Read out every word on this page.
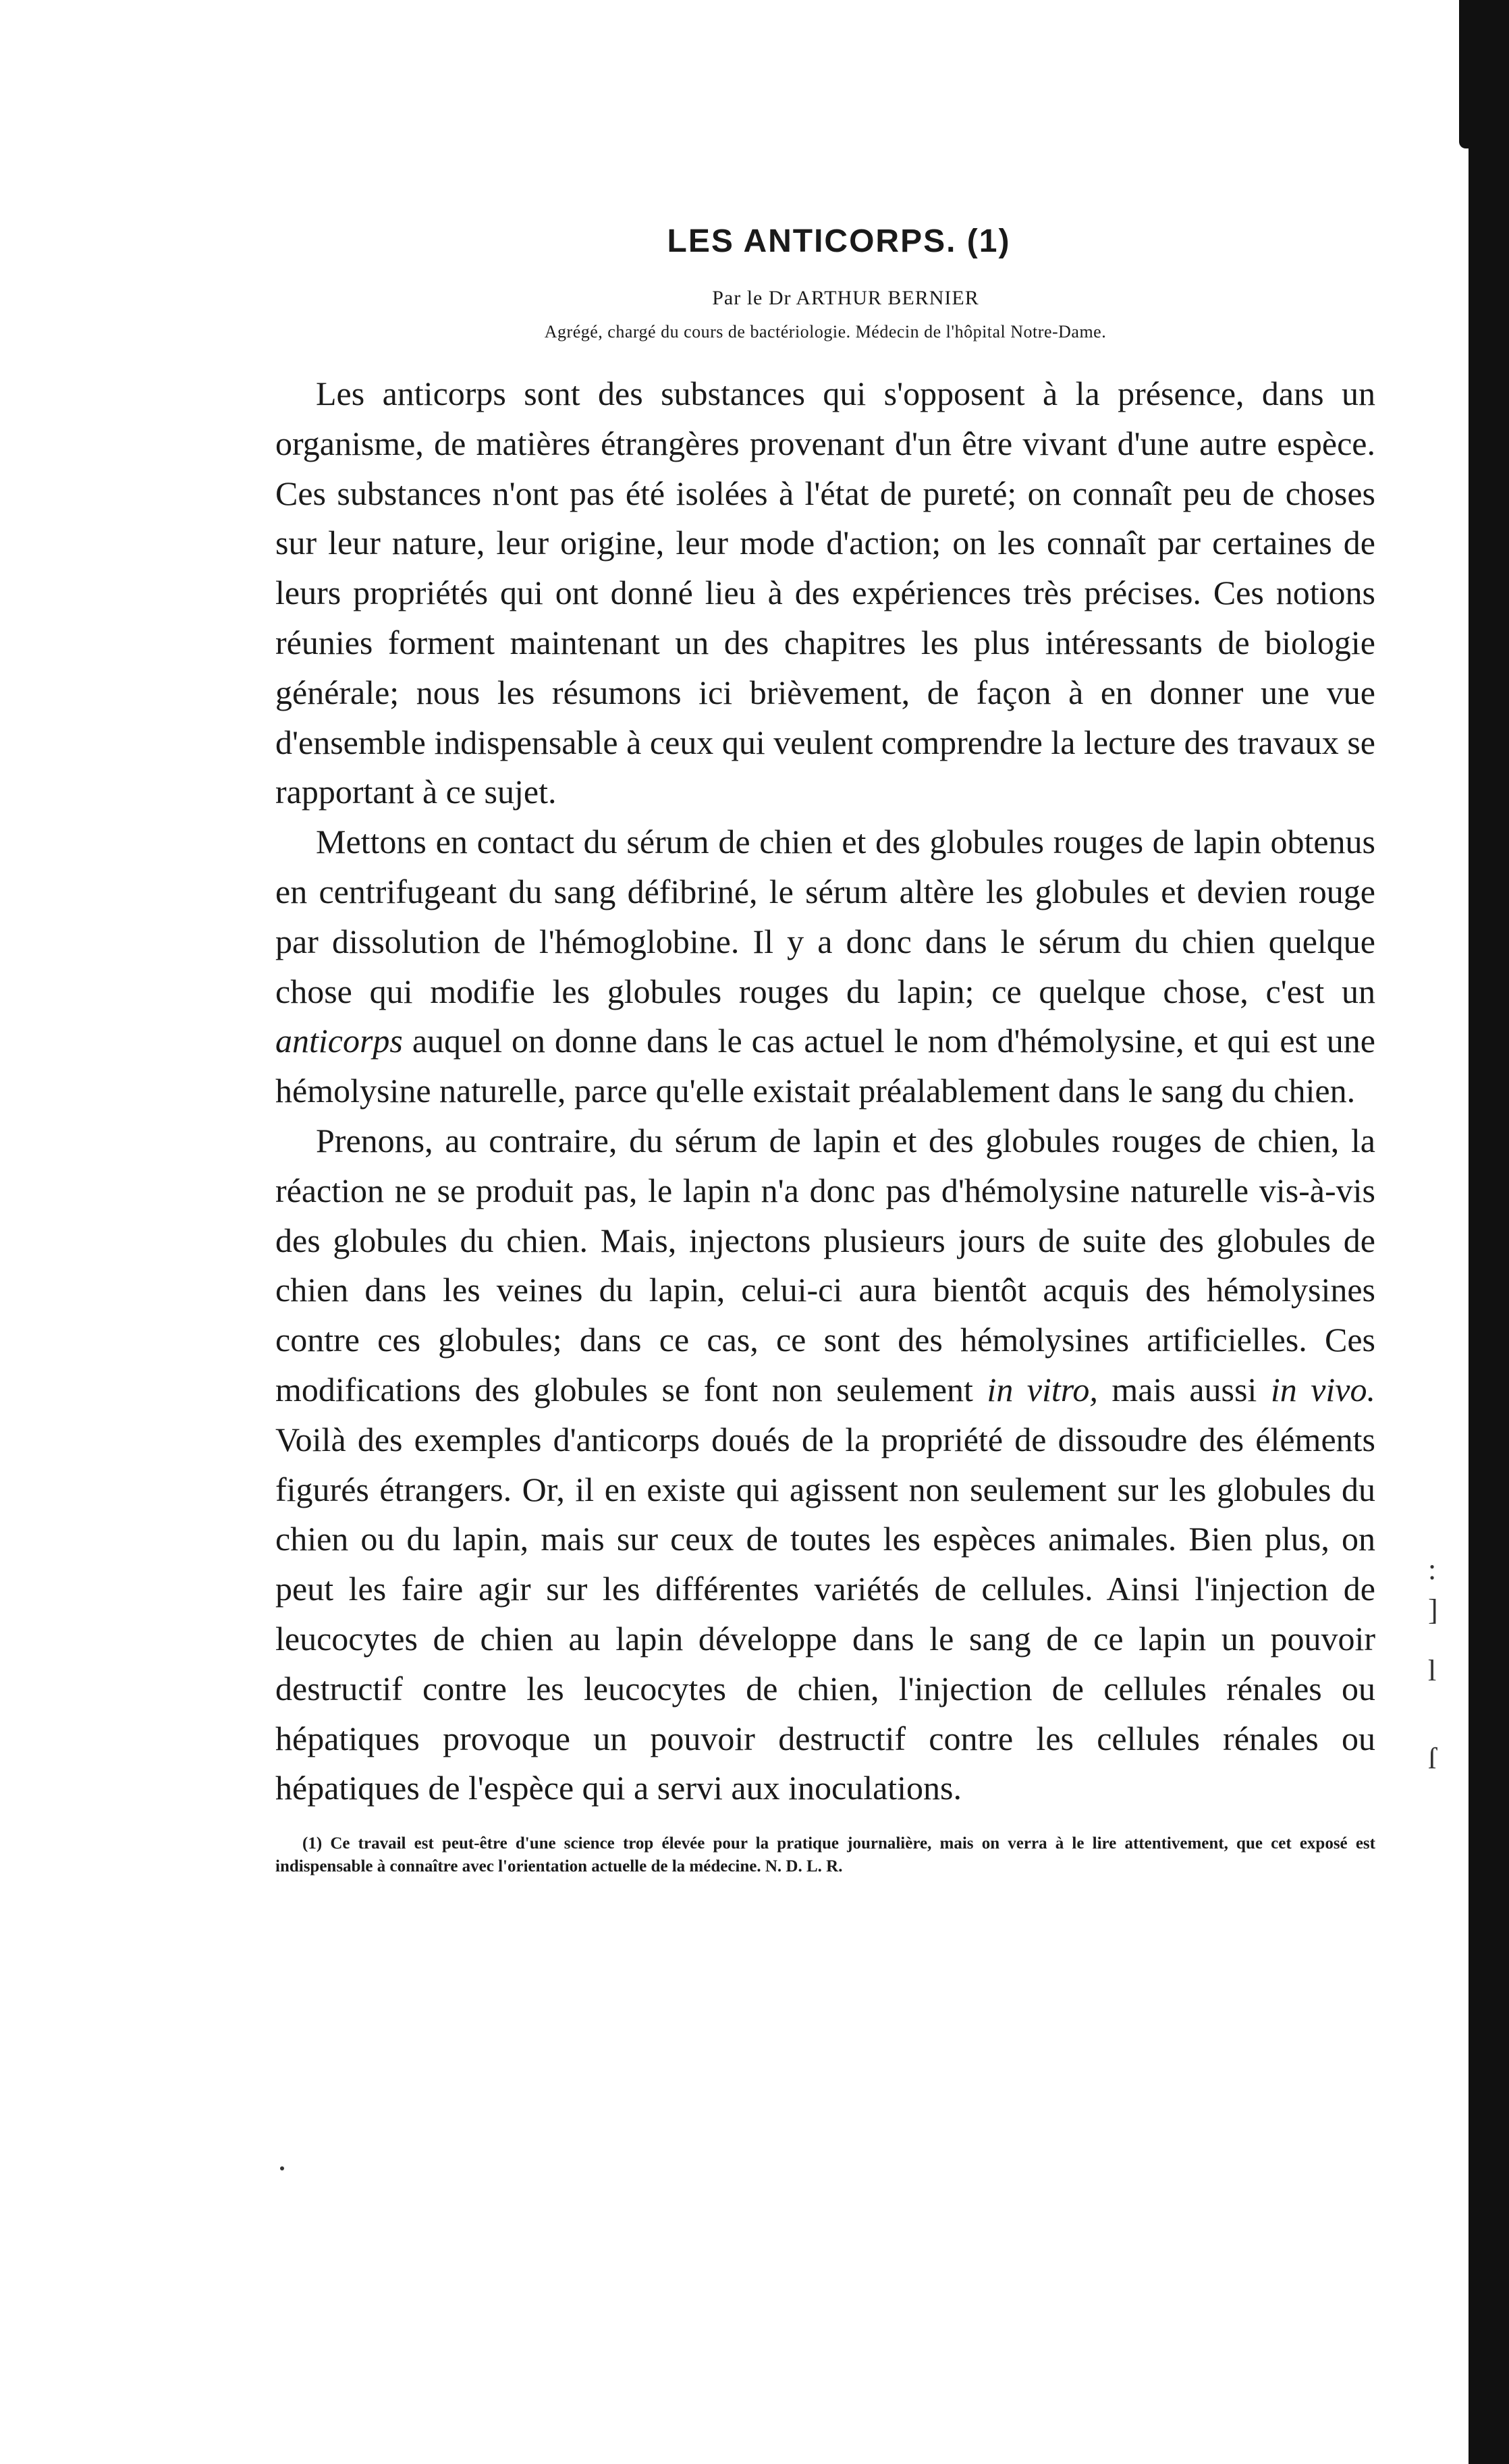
:
]
l
ſ
LES ANTICORPS. (1)
Par le Dr ARTHUR BERNIER
Agrégé, chargé du cours de bactériologie. Médecin de l'hôpital Notre-Dame.

Les anticorps sont des substances qui s'opposent à la présence, dans un organisme, de matières étrangères provenant d'un être vivant d'une autre espèce. Ces substances n'ont pas été isolées à l'état de pureté; on connaît peu de choses sur leur nature, leur origine, leur mode d'action; on les connaît par certaines de leurs propriétés qui ont donné lieu à des expériences très précises. Ces notions réunies forment maintenant un des chapitres les plus intéressants de biologie générale; nous les résumons ici brièvement, de façon à en donner une vue d'ensemble indispensable à ceux qui veulent comprendre la lecture des travaux se rapportant à ce sujet.

Mettons en contact du sérum de chien et des globules rouges de lapin obtenus en centrifugeant du sang défibriné, le sérum altère les globules et devien rouge par dissolution de l'hémoglobine. Il y a donc dans le sérum du chien quelque chose qui modifie les globules rouges du lapin; ce quelque chose, c'est un anticorps auquel on donne dans le cas actuel le nom d'hémolysine, et qui est une hémolysine naturelle, parce qu'elle existait préalablement dans le sang du chien.

Prenons, au contraire, du sérum de lapin et des globules rouges de chien, la réaction ne se produit pas, le lapin n'a donc pas d'hémolysine naturelle vis-à-vis des globules du chien. Mais, injectons plusieurs jours de suite des globules de chien dans les veines du lapin, celui-ci aura bientôt acquis des hémolysines contre ces globules; dans ce cas, ce sont des hémolysines artificielles. Ces modifications des globules se font non seulement in vitro, mais aussi in vivo. Voilà des exemples d'anticorps doués de la propriété de dissoudre des éléments figurés étrangers. Or, il en existe qui agissent non seulement sur les globules du chien ou du lapin, mais sur ceux de toutes les espèces animales. Bien plus, on peut les faire agir sur les différentes variétés de cellules. Ainsi l'injection de leucocytes de chien au lapin développe dans le sang de ce lapin un pouvoir destructif contre les leucocytes de chien, l'injection de cellules rénales ou hépatiques provoque un pouvoir destructif contre les cellules rénales ou hépatiques de l'espèce qui a servi aux inoculations.

(1) Ce travail est peut-être d'une science trop élevée pour la pratique journalière, mais on verra à le lire attentivement, que cet exposé est indispensable à connaître avec l'orientation actuelle de la médecine. N. D. L. R.
